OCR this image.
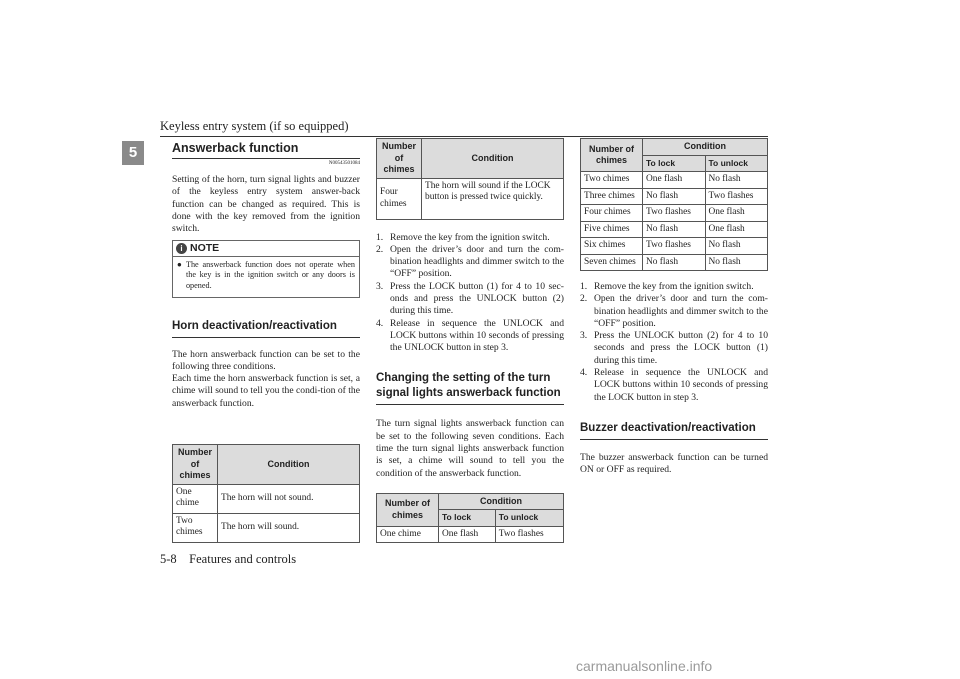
Keyless entry system (if so equipped)
5
5-8 Features and controls
carmanualsonline.info
Answerback function
N00543501084

Setting of the horn, turn signal lights and buzzer of the keyless entry system answer-back function can be changed as required. This is done with the key removed from the ignition switch.

i NOTE
● The answerback function does not operate when the key is in the ignition switch or any doors is opened.
Horn deactivation/reactivation

The horn answerback function can be set to the following three conditions.

Each time the horn answerback function is set, a chime will sound to tell you the condi-tion of the answerback function.

Number of chimes	Condition
One chime	The horn will not sound.
Two chimes	The horn will sound.
Number of chimes	Condition
Four chimes	The horn will sound if the LOCK button is pressed twice quickly.
1. Remove the key from the ignition switch.
2. Open the driver’s door and turn the com-bination headlights and dimmer switch to the “OFF” position.
3. Press the LOCK button (1) for 4 to 10 sec-onds and press the UNLOCK button (2) during this time.
4. Release in sequence the UNLOCK and LOCK buttons within 10 seconds of pressing the UNLOCK button in step 3.
Changing the setting of the turn signal lights answerback function

The turn signal lights answerback function can be set to the following seven conditions. Each time the turn signal lights answerback function is set, a chime will sound to tell you the condition of the answerback function.

Number of chimes	Condition	
	To lock	To unlock
One chime	One flash	Two flashes
Number of chimes	Condition	
	To lock	To unlock
Two chimes	One flash	No flash
Three chimes	No flash	Two flashes
Four chimes	Two flashes	One flash
Five chimes	No flash	One flash
Six chimes	Two flashes	No flash
Seven chimes	No flash	No flash
1. Remove the key from the ignition switch.
2. Open the driver’s door and turn the com-bination headlights and dimmer switch to the “OFF” position.
3. Press the UNLOCK button (2) for 4 to 10 seconds and press the LOCK button (1) during this time.
4. Release in sequence the UNLOCK and LOCK buttons within 10 seconds of pressing the LOCK button in step 3.
Buzzer deactivation/reactivation

The buzzer answerback function can be turned ON or OFF as required.
